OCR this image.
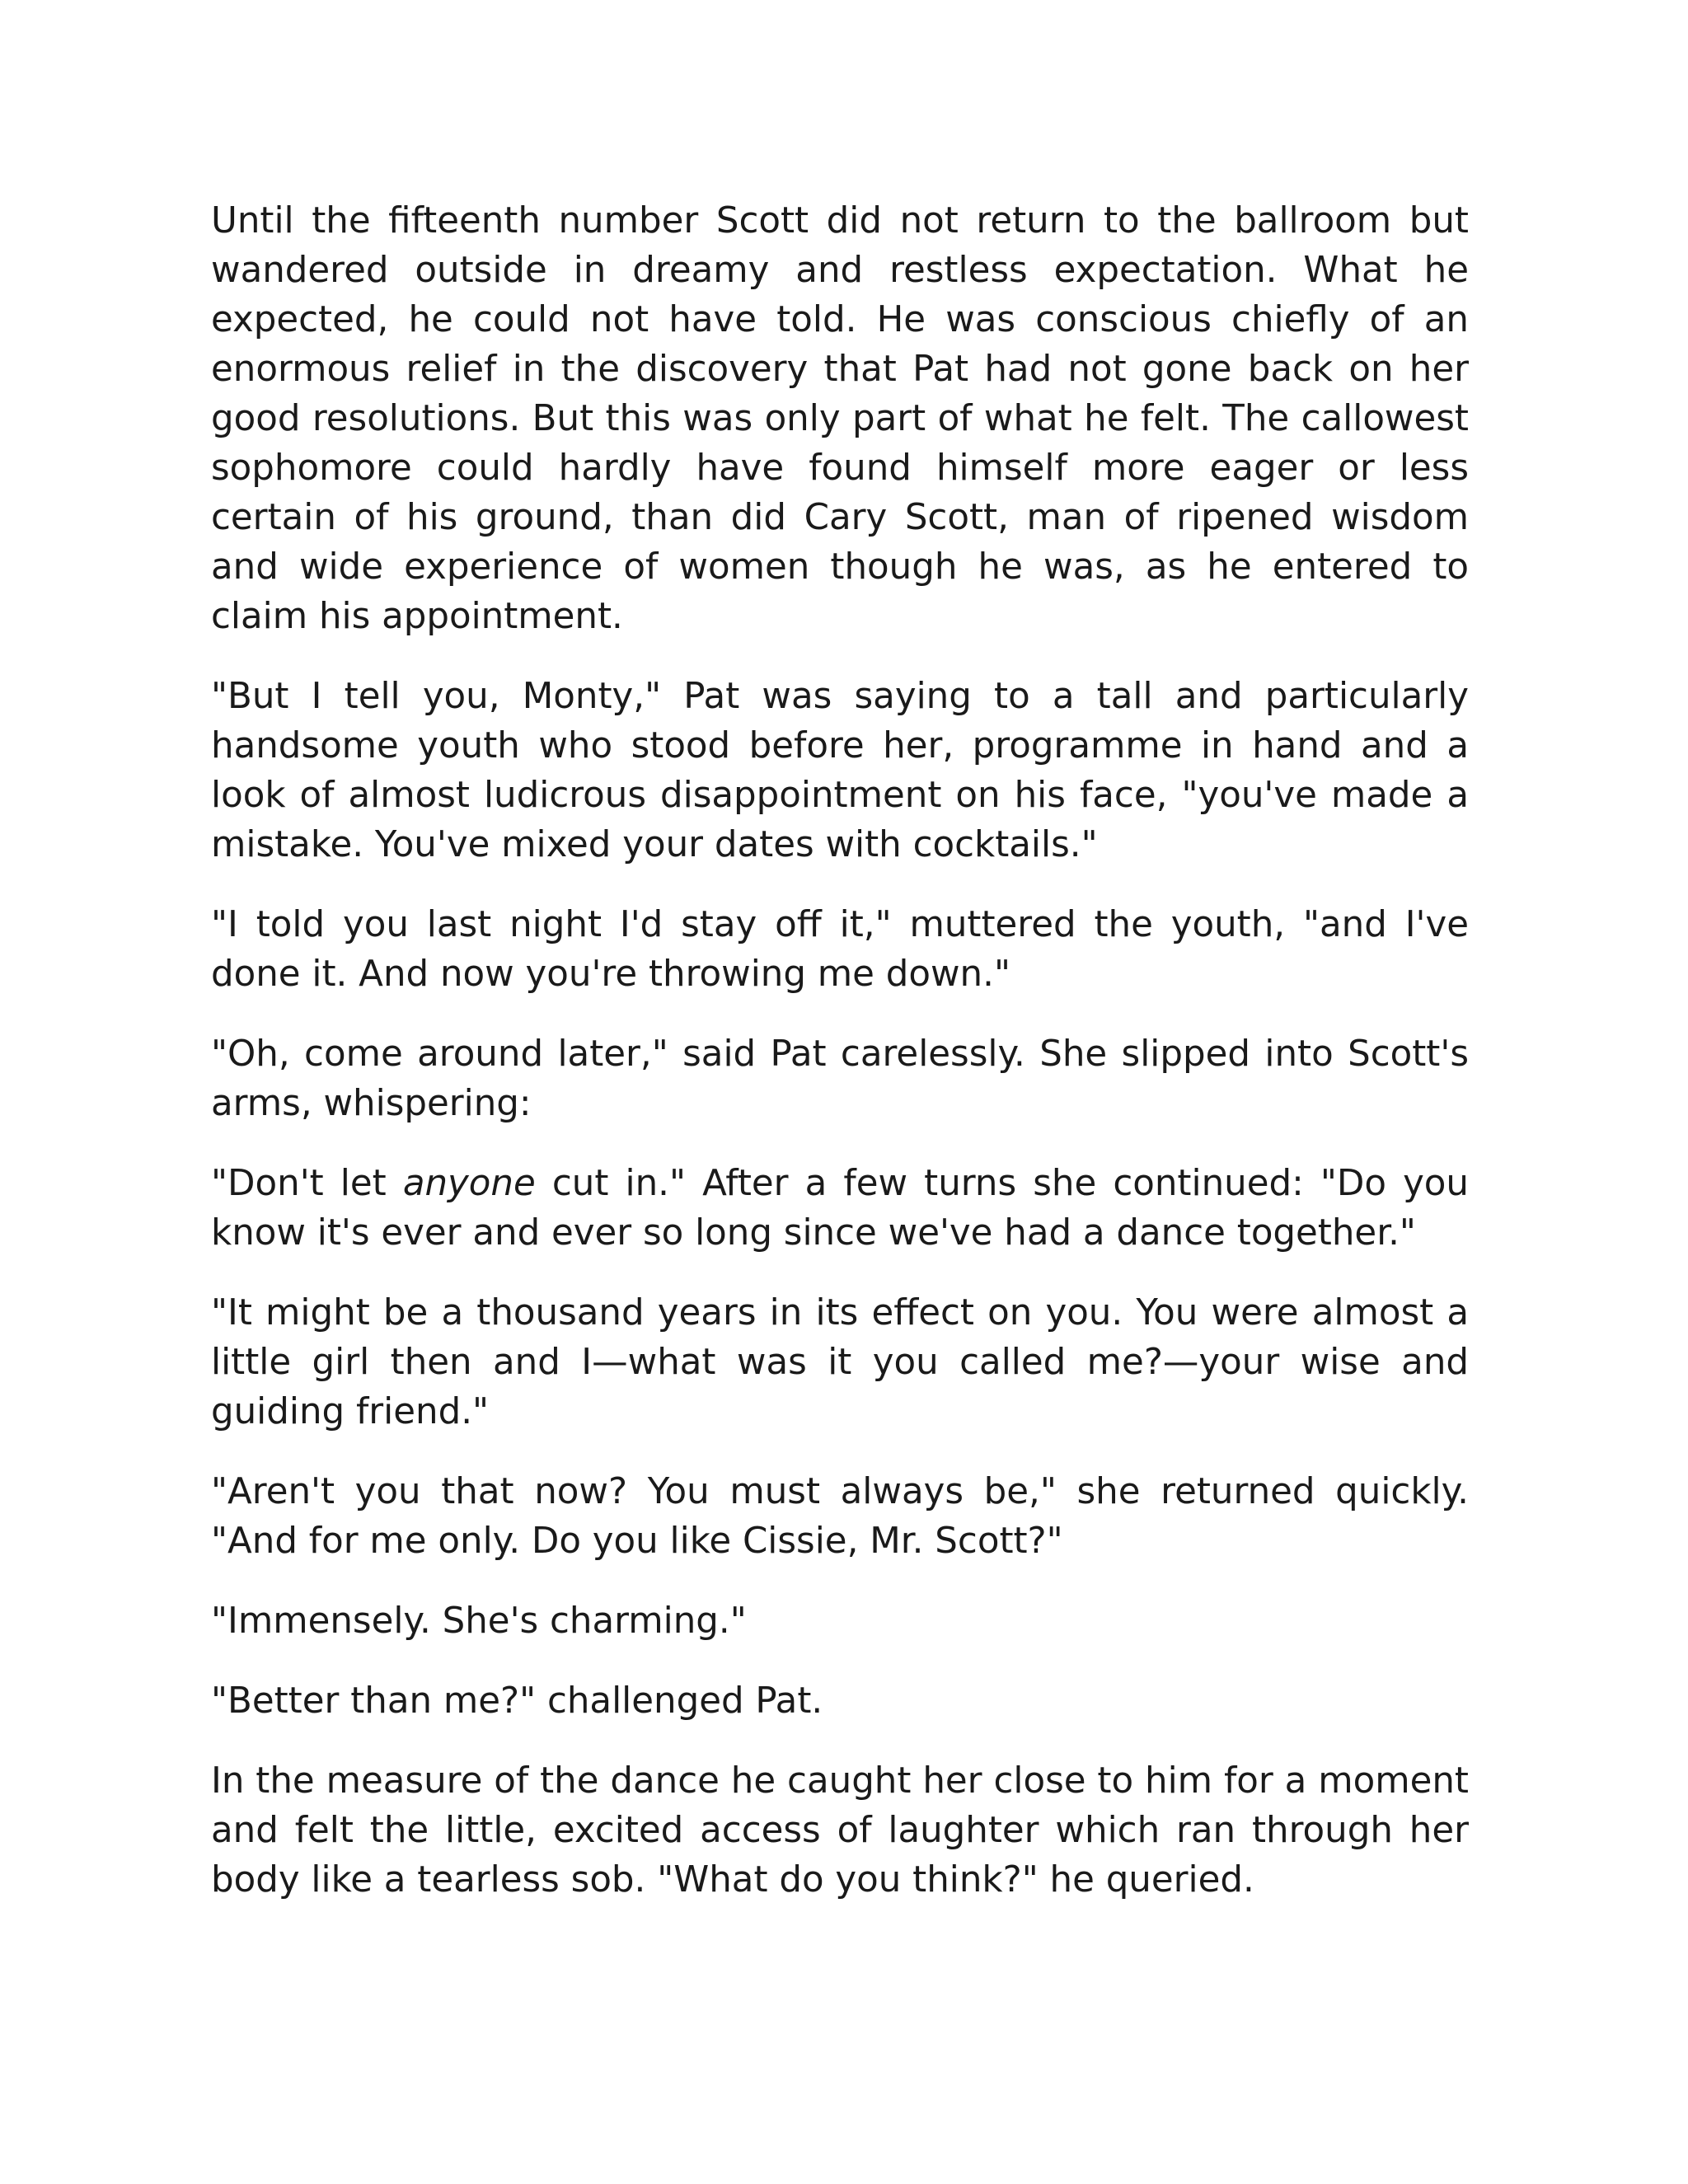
Until the fifteenth number Scott did not return to the ballroom but wandered outside in dreamy and restless expectation. What he expected, he could not have told. He was conscious chiefly of an enormous relief in the discovery that Pat had not gone back on her good resolutions. But this was only part of what he felt. The callowest sophomore could hardly have found himself more eager or less certain of his ground, than did Cary Scott, man of ripened wisdom and wide experience of women though he was, as he entered to claim his appointment.

"But I tell you, Monty," Pat was saying to a tall and particularly handsome youth who stood before her, programme in hand and a look of almost ludicrous disappointment on his face, "you've made a mistake. You've mixed your dates with cocktails."

"I told you last night I'd stay off it," muttered the youth, "and I've done it. And now you're throwing me down."

"Oh, come around later," said Pat carelessly. She slipped into Scott's arms, whispering:

"Don't let anyone cut in." After a few turns she continued: "Do you know it's ever and ever so long since we've had a dance together."

"It might be a thousand years in its effect on you. You were almost a little girl then and I—what was it you called me?—your wise and guiding friend."

"Aren't you that now? You must always be," she returned quickly. "And for me only. Do you like Cissie, Mr. Scott?"

"Immensely. She's charming."

"Better than me?" challenged Pat.

In the measure of the dance he caught her close to him for a moment and felt the little, excited access of laughter which ran through her body like a tearless sob. "What do you think?" he queried.
